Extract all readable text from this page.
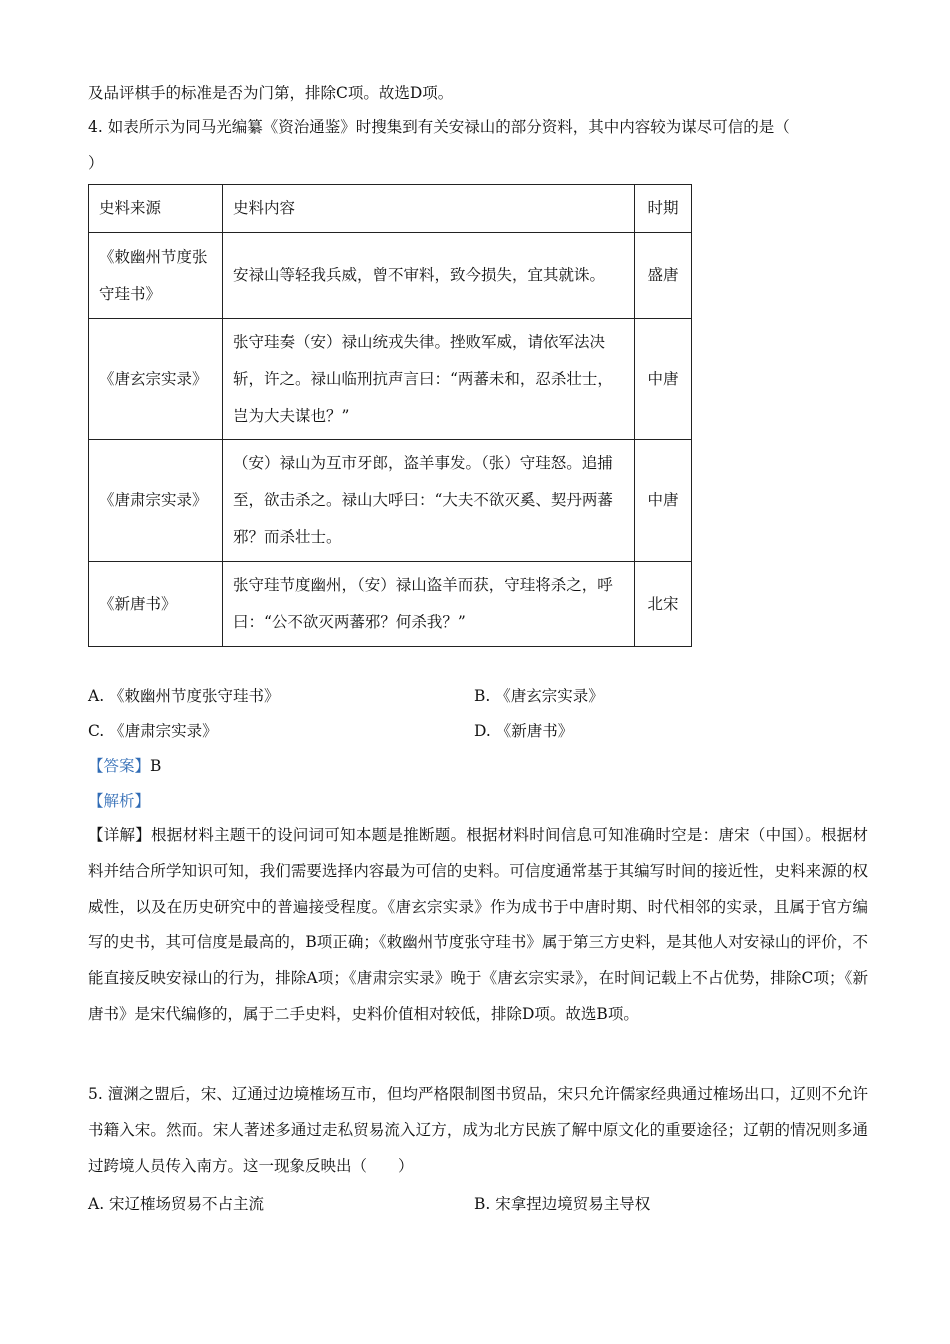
及品评棋手的标准是否为门第，排除C项。故选D项。
4. 如表所示为同马光编纂《资治通鉴》时搜集到有关安禄山的部分资料，其中内容较为谋尽可信的是（
）
史料来源	史料内容	时期
《敕幽州节度张守珪书》	安禄山等轻我兵威，曾不审料，致今损失，宜其就诛。	盛唐
《唐玄宗实录》	张守珪奏（安）禄山统戎失律。挫败军威，请依军法决斩，许之。禄山临刑抗声言曰：“两蕃未和，忍杀壮士，岂为大夫谋也？”	中唐
《唐肃宗实录》	（安）禄山为互市牙郎，盗羊事发。（张）守珪怒。追捕至，欲击杀之。禄山大呼曰：“大夫不欲灭奚、契丹两蕃邪？而杀壮士。	中唐
《新唐书》	张守珪节度幽州，（安）禄山盗羊而获，守珪将杀之，呼曰：“公不欲灭两蕃邪？何杀我？”	北宋
A. 《敕幽州节度张守珪书》	B. 《唐玄宗实录》
C. 《唐肃宗实录》	D. 《新唐书》
【答案】B
【解析】
【详解】根据材料主题干的设问词可知本题是推断题。根据材料时间信息可知准确时空是：唐宋（中国）。根据材料并结合所学知识可知，我们需要选择内容最为可信的史料。可信度通常基于其编写时间的接近性，史料来源的权威性，以及在历史研究中的普遍接受程度。《唐玄宗实录》作为成书于中唐时期、时代相邻的实录，且属于官方编写的史书，其可信度是最高的，B项正确；《敕幽州节度张守珪书》属于第三方史料，是其他人对安禄山的评价，不能直接反映安禄山的行为，排除A项；《唐肃宗实录》晚于《唐玄宗实录》，在时间记载上不占优势，排除C项；《新唐书》是宋代编修的，属于二手史料，史料价值相对较低，排除D项。故选B项。
5. 澶渊之盟后，宋、辽通过边境榷场互市，但均严格限制图书贸品，宋只允许儒家经典通过榷场出口，辽则不允许书籍入宋。然而。宋人著述多通过走私贸易流入辽方，成为北方民族了解中原文化的重要途径；辽朝的情况则多通过跨境人员传入南方。这一现象反映出（　　）
A. 宋辽榷场贸易不占主流	B. 宋拿捏边境贸易主导权
